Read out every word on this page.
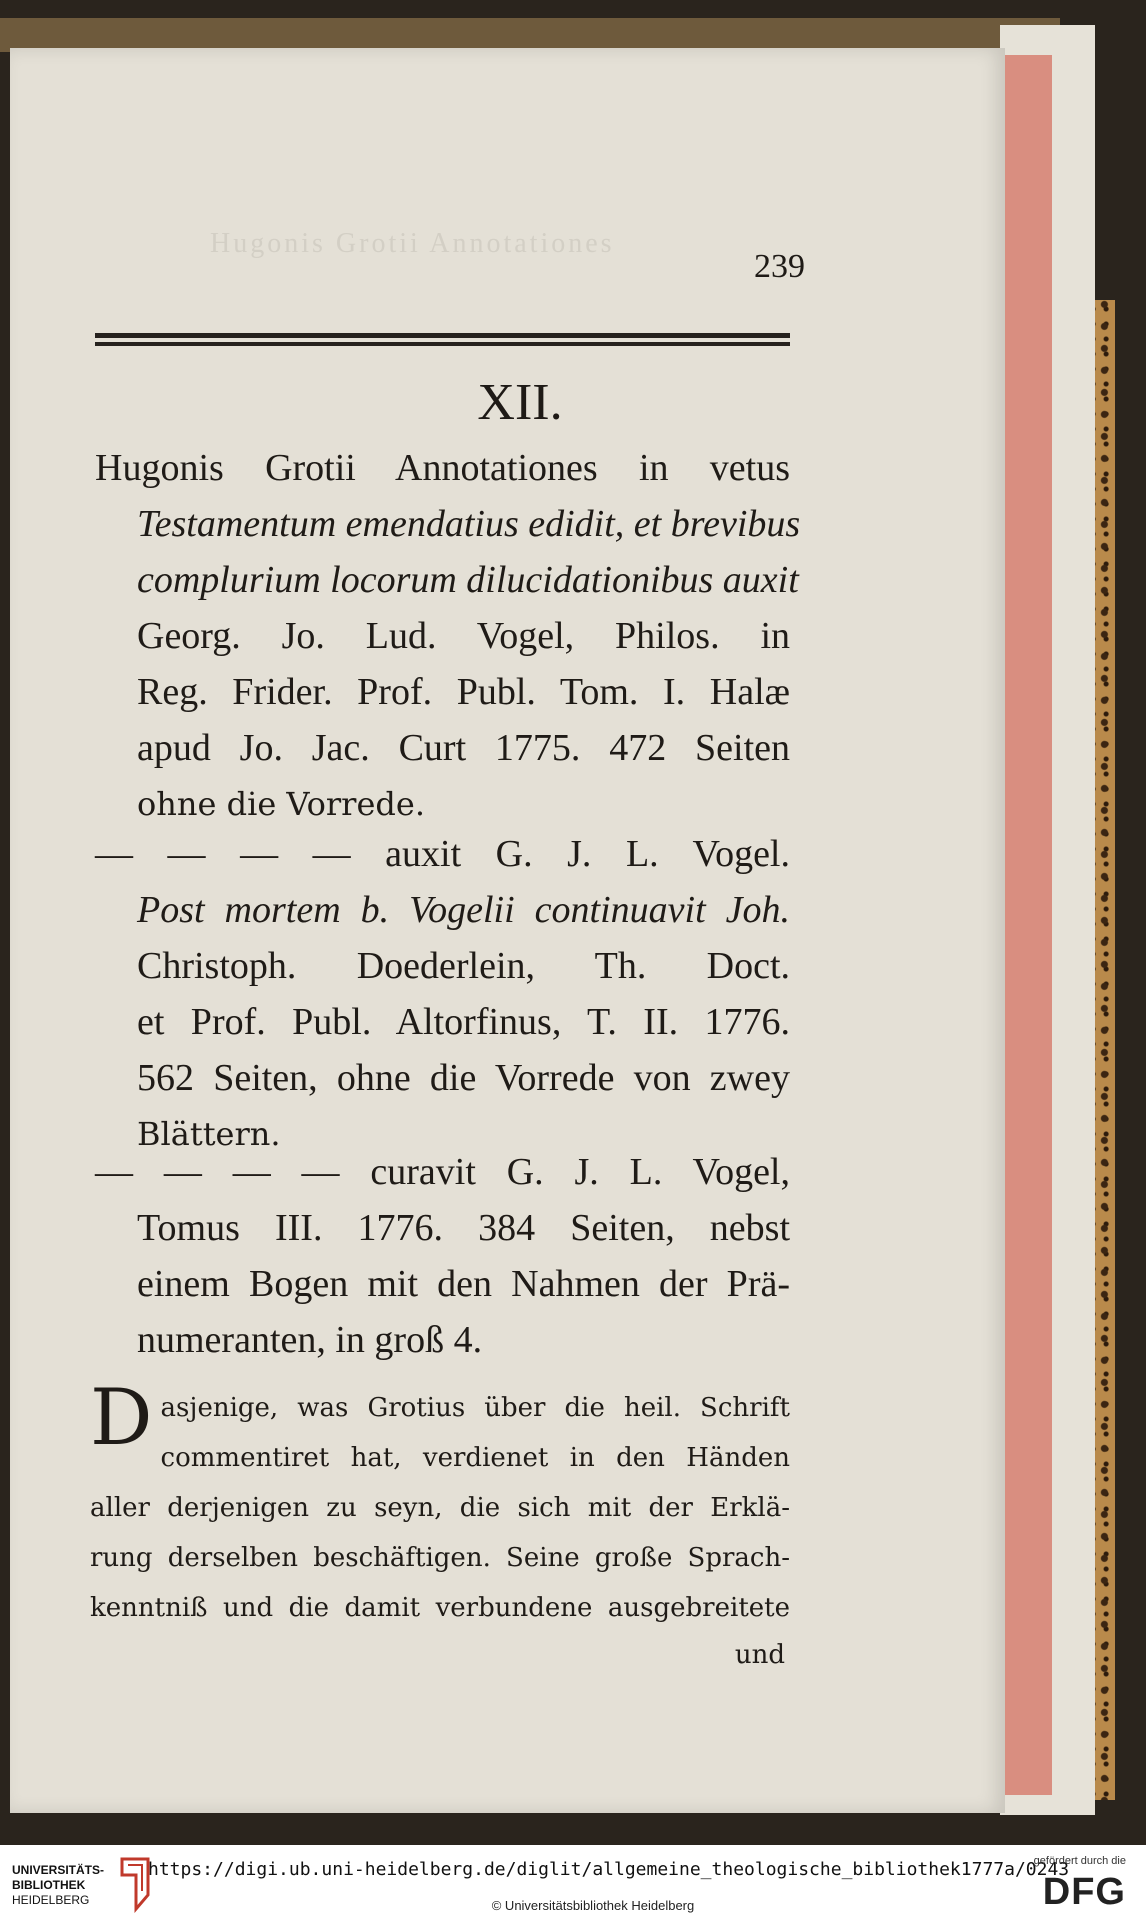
Hugonis Grotii Annotationes
239
XII.
Hugonis Grotii Annotationes in vetus
Testamentum emendatius edidit, et brevibus
complurium locorum dilucidationibus auxit
Georg. Jo. Lud. Vogel, Philos. in
Reg. Frider. Prof. Publ. Tom. I. Halæ
apud Jo. Jac. Curt 1775. 472 Seiten
ohne die Vorrede.
— — — — auxit G. J. L. Vogel.
Post mortem b. Vogelii continuavit Joh.
Christoph. Doederlein, Th. Doct.
et Prof. Publ. Altorfinus, T. II. 1776.
562 Seiten, ohne die Vorrede von zwey
Blättern.
— — — — curavit G. J. L. Vogel,
Tomus III. 1776. 384 Seiten, nebst
einem Bogen mit den Nahmen der Prä-
numeranten, in groß 4.
D asjenige, was Grotius über die heil. Schrift
commentiret hat, verdienet in den Händen
aller derjenigen zu seyn, die sich mit der Erklä-
rung derselben beschäftigen. Seine große Sprach-
kenntniß und die damit verbundene ausgebreitete
und
UNIVERSITÄTS-
BIBLIOTHEK
HEIDELBERG
https://digi.ub.uni-heidelberg.de/diglit/allgemeine_theologische_bibliothek1777a/0243
© Universitätsbibliothek Heidelberg
gefördert durch die
DFG
